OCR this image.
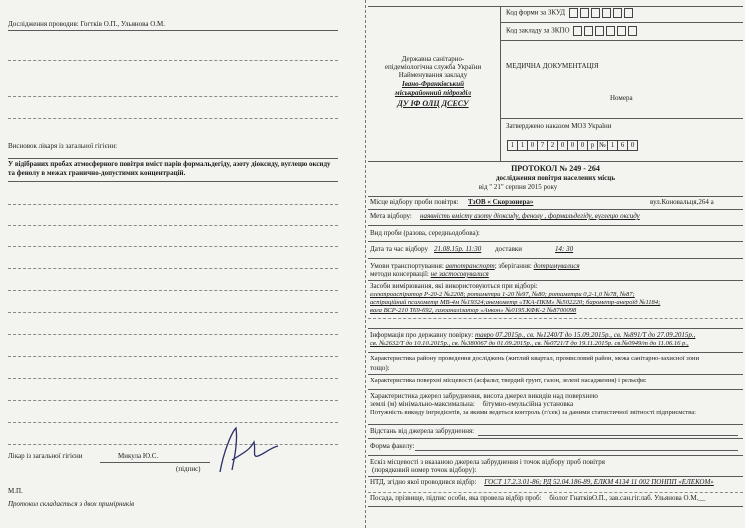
Дослідження проводив: Гогтків О.П., Ульянова О.М.
Висновок лікаря із загальної гігієни:
У відібраних пробах атмосферного повітря вміст парів формальдегіду, азоту діоксиду, вуглецю оксиду та фенолу в межах гранично-допустимих концентрацій.
Лікар із загальної гігієни	Микула Ю.С.
(підпис)
М.П.
Протокол складається з двох примірників
Код форми за ЗКУД
Код закладу за ЗКПО
Державна санітарно-
епідеміологічна служба України
Найменування закладу
Івано-Франківський
міськрайонний підрозділ
ДУ ІФ ОЛЦ ДСЕСУ
МЕДИЧНА ДОКУМЕНТАЦІЯ
Номера
Затверджено наказом МОЗ України
1 1 0 7 2 0 0 0 р № 1 6 0
ПРОТОКОЛ № 249 - 264
дослідження повітря населених місць
від " 21" серпня 2015 року
Місце відбору проби повітря: ТзОВ « Скорзонера»	вул.Коновальця,264 а
Мета відбору: наявність вмісту азоту діоксиду, фенолу , формальдегіду, вуглецю оксиду
Вид проби (разова, середньодобова):
Дата та час відбору 21.08.15р. 11:30 доставки	14: 30
Умови транспортування: автотранспорт; зберігання: дотримувалися
методи консервації: не застосовувалися
Засоби вимірювання, які використовуються при відборі:
електроаспіратор Р-20-2 №2208; ротаметри 1-20 №97, №80; ротаметри 0,2-1,0 №78, №87;
аспіраційний психометр МВ-4м №19324;анемометр «ТКА-ПКМ» №502220; барометр-анероїд №1184;
вага ВСР-210 Т69-692, газоаналізатор «Анкон» №0195.КФК-2 №8700098
Інформація про державну повірку: тавро 07.2015р., св. №1240/Т до 15.09.2015р., св. №891/Т до 27.09.2015р.,
св. №2632/Т до 10.10.2015р., св. №380067 до 01.09.2015р., св. №0721/Т до 19.11.2015р. св.№0949/т до 11.06.16 р.,
Характеристика району проведення досліджень (житлий квартал, промисловий район, межа санітарно-захисної зони
тощо):
Характеристика поверхні місцевості (асфальт, твердий грунт, газон, зелені насадження) і рельєфи:
Характеристика джерел забруднення, висота джерел викидів над поверхнею
землі (м) мінімально-максимальна: бітумно-емульсійна установка
Потужність викиду інгредієнтів, за якими ведеться контроль (г/сек) за даними статистичної звітності підприємства:
Відстань від джерела забруднення:
Форма факелу:
Ескіз місцевості з вказаною джерела забруднення і точок відбору проб повітря
(порядковий номер точок відбору):
НТД, згідно якої проводився відбір: ГОСТ 17.2.3.01-86; РД 52.04.186-89, ЕЛКМ 4134 11 002 ПОНПП «ЕЛЕКОМ»
Посада, прізвище, підпис особи, яка провела відбір проб: біолог ГнатківО.П., зав.сан.гіг.лаб. Ульянова О.М.__
